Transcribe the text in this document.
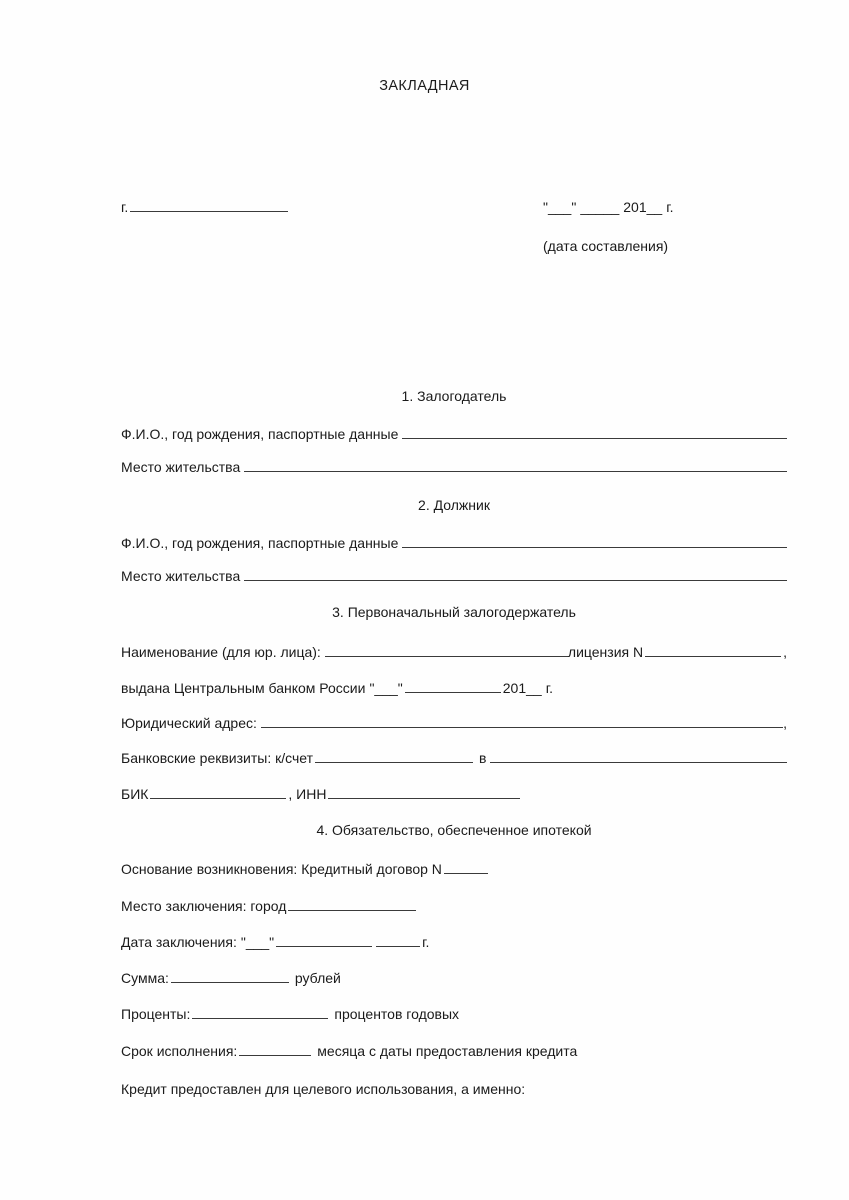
ЗАКЛАДНАЯ
г.	"___" _____ 201__ г.
(дата составления)
1. Залогодатель
Ф.И.О., год рождения, паспортные данные
Место жительства
2. Должник
Ф.И.О., год рождения, паспортные данные
Место жительства
3. Первоначальный залогодержатель
Наименование (для юр. лица):	лицензия N	,
выдана Центральным банком России "___"	201__ г.
Юридический адрес:	,
Банковские реквизиты: к/счет	в
БИК	, ИНН
4. Обязательство, обеспеченное ипотекой
Основание возникновения: Кредитный договор N
Место заключения: город
Дата заключения: "___"	г.
Сумма:	рублей
Проценты:	процентов годовых
Срок исполнения:	месяца с даты предоставления кредита
Кредит предоставлен для целевого использования, а именно:
